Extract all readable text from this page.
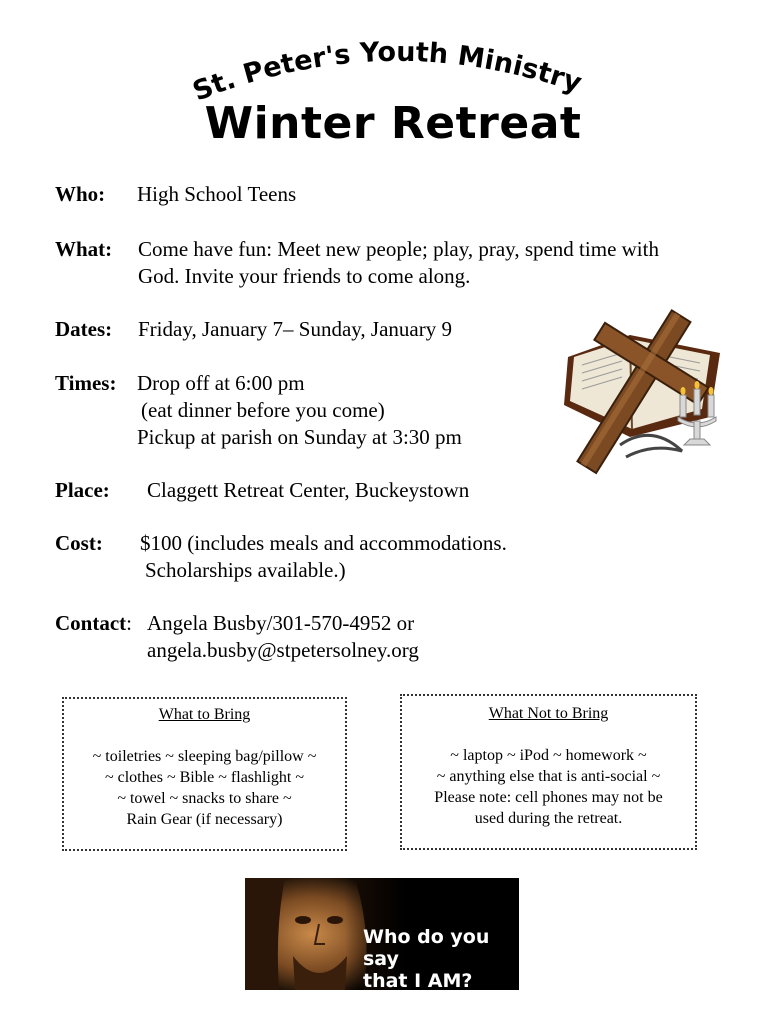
St. Peter's Youth Ministry
Winter Retreat
Who: High School Teens
What: Come have fun: Meet new people; play, pray, spend time with
God. Invite your friends to come along.
Dates: Friday, January 7– Sunday, January 9
Times: Drop off at 6:00 pm
(eat dinner before you come)
Pickup at parish on Sunday at 3:30 pm
Place: Claggett Retreat Center, Buckeystown
Cost: $100 (includes meals and accommodations.
Scholarships available.)
Contact: Angela Busby/301-570-4952 or
angela.busby@stpetersolney.org
What to Bring
~ toiletries ~ sleeping bag/pillow ~
~ clothes ~ Bible ~ flashlight ~
~ towel ~ snacks to share ~
Rain Gear (if necessary)
What Not to Bring
~ laptop ~ iPod ~ homework ~
~ anything else that is anti-social ~
Please note: cell phones may not be
used during the retreat.
Who do you say
that I AM?
